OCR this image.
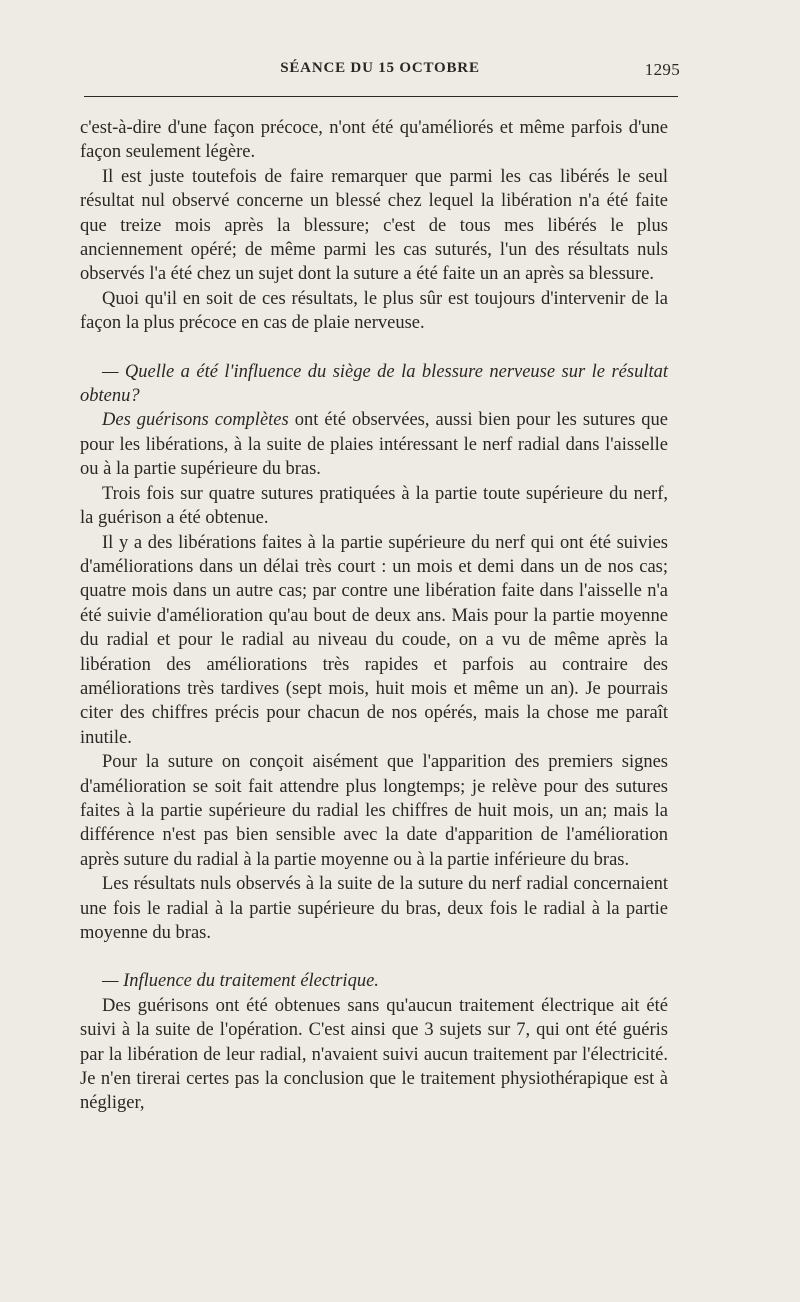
SÉANCE DU 15 OCTOBRE	1295

c'est-à-dire d'une façon précoce, n'ont été qu'améliorés et même parfois d'une façon seulement légère.

Il est juste toutefois de faire remarquer que parmi les cas libérés le seul résultat nul observé concerne un blessé chez lequel la libération n'a été faite que treize mois après la blessure; c'est de tous mes libérés le plus anciennement opéré; de même parmi les cas suturés, l'un des résultats nuls observés l'a été chez un sujet dont la suture a été faite un an après sa blessure.

Quoi qu'il en soit de ces résultats, le plus sûr est toujours d'intervenir de la façon la plus précoce en cas de plaie nerveuse.

— Quelle a été l'influence du siège de la blessure nerveuse sur le résultat obtenu?

Des guérisons complètes ont été observées, aussi bien pour les sutures que pour les libérations, à la suite de plaies intéressant le nerf radial dans l'aisselle ou à la partie supérieure du bras.

Trois fois sur quatre sutures pratiquées à la partie toute supérieure du nerf, la guérison a été obtenue.

Il y a des libérations faites à la partie supérieure du nerf qui ont été suivies d'améliorations dans un délai très court : un mois et demi dans un de nos cas; quatre mois dans un autre cas; par contre une libération faite dans l'aisselle n'a été suivie d'amélioration qu'au bout de deux ans. Mais pour la partie moyenne du radial et pour le radial au niveau du coude, on a vu de même après la libération des améliorations très rapides et parfois au contraire des améliorations très tardives (sept mois, huit mois et même un an). Je pourrais citer des chiffres précis pour chacun de nos opérés, mais la chose me paraît inutile.

Pour la suture on conçoit aisément que l'apparition des premiers signes d'amélioration se soit fait attendre plus longtemps; je relève pour des sutures faites à la partie supérieure du radial les chiffres de huit mois, un an; mais la différence n'est pas bien sensible avec la date d'apparition de l'amélioration après suture du radial à la partie moyenne ou à la partie inférieure du bras.

Les résultats nuls observés à la suite de la suture du nerf radial concernaient une fois le radial à la partie supérieure du bras, deux fois le radial à la partie moyenne du bras.

— Influence du traitement électrique.

Des guérisons ont été obtenues sans qu'aucun traitement électrique ait été suivi à la suite de l'opération. C'est ainsi que 3 sujets sur 7, qui ont été guéris par la libération de leur radial, n'avaient suivi aucun traitement par l'électricité. Je n'en tirerai certes pas la conclusion que le traitement physiothérapique est à négliger,
